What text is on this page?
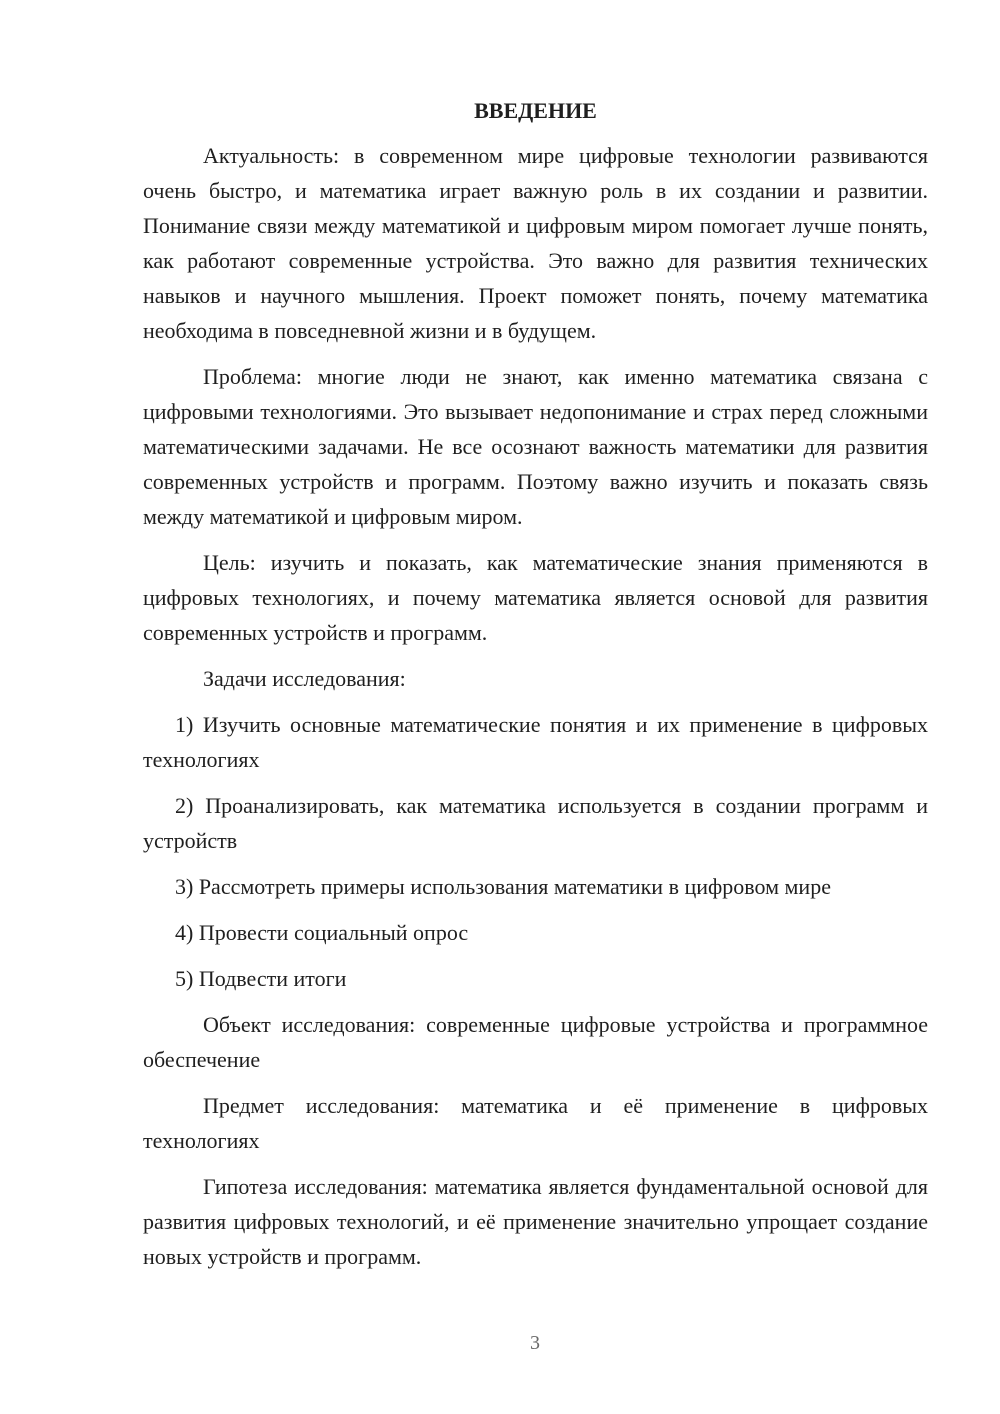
ВВЕДЕНИЕ

Актуальность: в современном мире цифровые технологии развиваются очень быстро, и математика играет важную роль в их создании и развитии. Понимание связи между математикой и цифровым миром помогает лучше понять, как работают современные устройства. Это важно для развития технических навыков и научного мышления. Проект поможет понять, почему математика необходима в повседневной жизни и в будущем.

Проблема: многие люди не знают, как именно математика связана с цифровыми технологиями. Это вызывает недопонимание и страх перед сложными математическими задачами. Не все осознают важность математики для развития современных устройств и программ. Поэтому важно изучить и показать связь между математикой и цифровым миром.

Цель: изучить и показать, как математические знания применяются в цифровых технологиях, и почему математика является основой для развития современных устройств и программ.

Задачи исследования:

1) Изучить основные математические понятия и их применение в цифровых технологиях

2) Проанализировать, как математика используется в создании программ и устройств

3) Рассмотреть примеры использования математики в цифровом мире

4) Провести социальный опрос

5) Подвести итоги

Объект исследования: современные цифровые устройства и программное обеспечение

Предмет исследования: математика и её применение в цифровых технологиях

Гипотеза исследования: математика является фундаментальной основой для развития цифровых технологий, и её применение значительно упрощает создание новых устройств и программ.

3
